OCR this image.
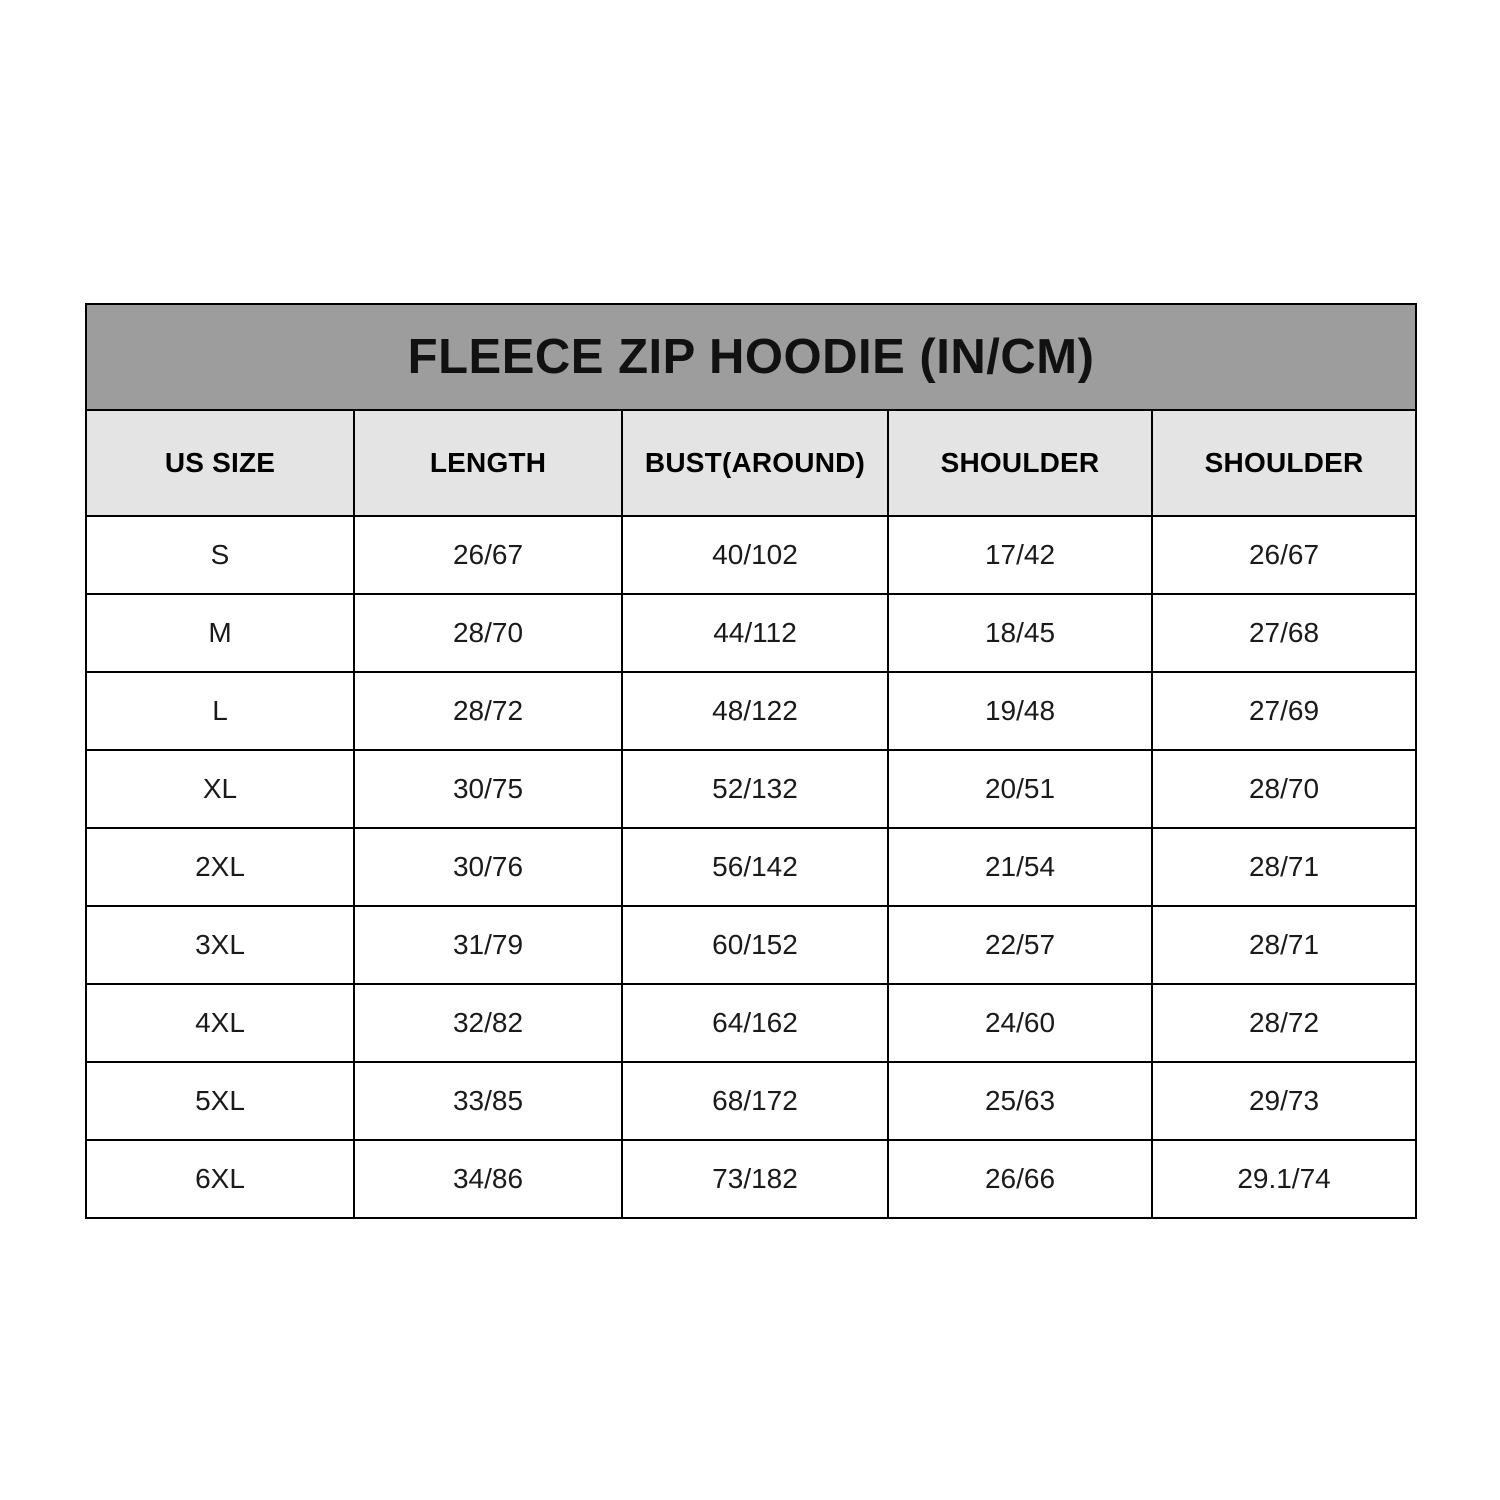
FLEECE ZIP HOODIE (IN/CM)				
US SIZE	LENGTH	BUST(AROUND)	SHOULDER	SHOULDER
S	26/67	40/102	17/42	26/67
M	28/70	44/112	18/45	27/68
L	28/72	48/122	19/48	27/69
XL	30/75	52/132	20/51	28/70
2XL	30/76	56/142	21/54	28/71
3XL	31/79	60/152	22/57	28/71
4XL	32/82	64/162	24/60	28/72
5XL	33/85	68/172	25/63	29/73
6XL	34/86	73/182	26/66	29.1/74
